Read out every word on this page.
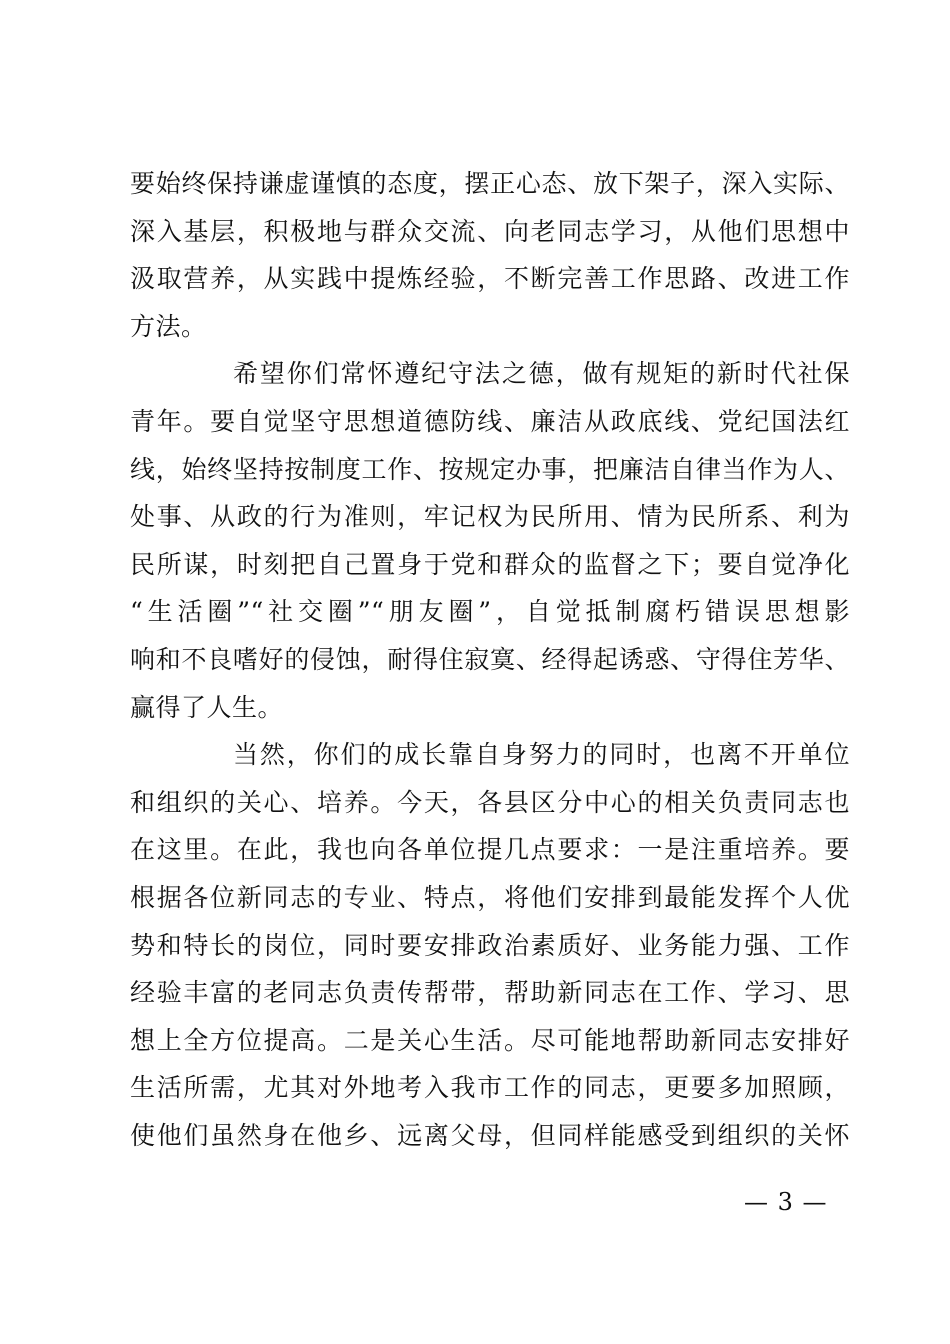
要始终保持谦虚谨慎的态度，摆正心态、放下架子，深入实际、
深入基层，积极地与群众交流、向老同志学习，从他们思想中
汲取营养，从实践中提炼经验，不断完善工作思路、改进工作
方法。
希望你们常怀遵纪守法之德，做有规矩的新时代社保
青年。要自觉坚守思想道德防线、廉洁从政底线、党纪国法红
线，始终坚持按制度工作、按规定办事，把廉洁自律当作为人、
处事、从政的行为准则，牢记权为民所用、情为民所系、利为
民所谋，时刻把自己置身于党和群众的监督之下；要自觉净化
“生活圈”“社交圈”“朋友圈”，自觉抵制腐朽错误思想影
响和不良嗜好的侵蚀，耐得住寂寞、经得起诱惑、守得住芳华、
赢得了人生。
当然，你们的成长靠自身努力的同时，也离不开单位
和组织的关心、培养。今天，各县区分中心的相关负责同志也
在这里。在此，我也向各单位提几点要求：一是注重培养。要
根据各位新同志的专业、特点，将他们安排到最能发挥个人优
势和特长的岗位，同时要安排政治素质好、业务能力强、工作
经验丰富的老同志负责传帮带，帮助新同志在工作、学习、思
想上全方位提高。二是关心生活。尽可能地帮助新同志安排好
生活所需，尤其对外地考入我市工作的同志，更要多加照顾，
使他们虽然身在他乡、远离父母，但同样能感受到组织的关怀
— 3 —
